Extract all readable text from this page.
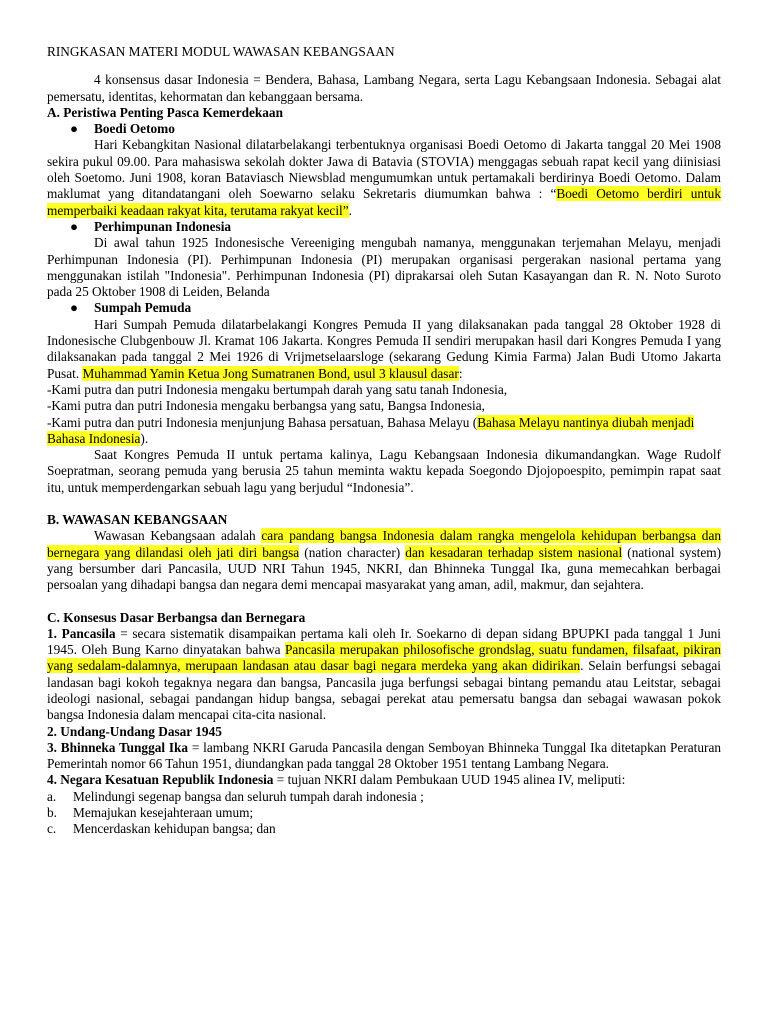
RINGKASAN MATERI MODUL WAWASAN KEBANGSAAN
4 konsensus dasar Indonesia = Bendera, Bahasa, Lambang Negara, serta Lagu Kebangsaan Indonesia. Sebagai alat pemersatu, identitas, kehormatan dan kebanggaan bersama.
A. Peristiwa Penting Pasca Kemerdekaan
●	Boedi Oetomo
Hari Kebangkitan Nasional dilatarbelakangi terbentuknya organisasi Boedi Oetomo di Jakarta tanggal 20 Mei 1908 sekira pukul 09.00. Para mahasiswa sekolah dokter Jawa di Batavia (STOVIA) menggagas sebuah rapat kecil yang diinisiasi oleh Soetomo. Juni 1908, koran Bataviasch Niewsblad mengumumkan untuk pertamakali berdirinya Boedi Oetomo. Dalam maklumat yang ditandatangani oleh Soewarno selaku Sekretaris diumumkan bahwa : “Boedi Oetomo berdiri untuk memperbaiki keadaan rakyat kita, terutama rakyat kecil”.
●	Perhimpunan Indonesia
Di awal tahun 1925 Indonesische Vereeniging mengubah namanya, menggunakan terjemahan Melayu, menjadi Perhimpunan Indonesia (PI). Perhimpunan Indonesia (PI) merupakan organisasi pergerakan nasional pertama yang menggunakan istilah "Indonesia". Perhimpunan Indonesia (PI) diprakarsai oleh Sutan Kasayangan dan R. N. Noto Suroto pada 25 Oktober 1908 di Leiden, Belanda
●	Sumpah Pemuda
Hari Sumpah Pemuda dilatarbelakangi Kongres Pemuda II yang dilaksanakan pada tanggal 28 Oktober 1928 di Indonesische Clubgenbouw Jl. Kramat 106 Jakarta. Kongres Pemuda II sendiri merupakan hasil dari Kongres Pemuda I yang dilaksanakan pada tanggal 2 Mei 1926 di Vrijmetselaarsloge (sekarang Gedung Kimia Farma) Jalan Budi Utomo Jakarta Pusat. Muhammad Yamin Ketua Jong Sumatranen Bond, usul 3 klausul dasar:
-Kami putra dan putri Indonesia mengaku bertumpah darah yang satu tanah Indonesia,
-Kami putra dan putri Indonesia mengaku berbangsa yang satu, Bangsa Indonesia,
-Kami putra dan putri Indonesia menjunjung Bahasa persatuan, Bahasa Melayu (Bahasa Melayu nantinya diubah menjadi Bahasa Indonesia).
Saat Kongres Pemuda II untuk pertama kalinya, Lagu Kebangsaan Indonesia dikumandangkan. Wage Rudolf Soepratman, seorang pemuda yang berusia 25 tahun meminta waktu kepada Soegondo Djojopoespito, pemimpin rapat saat itu, untuk memperdengarkan sebuah lagu yang berjudul “Indonesia”.
B. WAWASAN KEBANGSAAN
Wawasan Kebangsaan adalah cara pandang bangsa Indonesia dalam rangka mengelola kehidupan berbangsa dan bernegara yang dilandasi oleh jati diri bangsa (nation character) dan kesadaran terhadap sistem nasional (national system) yang bersumber dari Pancasila, UUD NRI Tahun 1945, NKRI, dan Bhinneka Tunggal Ika, guna memecahkan berbagai persoalan yang dihadapi bangsa dan negara demi mencapai masyarakat yang aman, adil, makmur, dan sejahtera.
C. Konsesus Dasar Berbangsa dan Bernegara
1. Pancasila = secara sistematik disampaikan pertama kali oleh Ir. Soekarno di depan sidang BPUPKI pada tanggal 1 Juni 1945. Oleh Bung Karno dinyatakan bahwa Pancasila merupakan philosofische grondslag, suatu fundamen, filsafaat, pikiran yang sedalam-dalamnya, merupaan landasan atau dasar bagi negara merdeka yang akan didirikan. Selain berfungsi sebagai landasan bagi kokoh tegaknya negara dan bangsa, Pancasila juga berfungsi sebagai bintang pemandu atau Leitstar, sebagai ideologi nasional, sebagai pandangan hidup bangsa, sebagai perekat atau pemersatu bangsa dan sebagai wawasan pokok bangsa Indonesia dalam mencapai cita-cita nasional.
2. Undang-Undang Dasar 1945
3. Bhinneka Tunggal Ika = lambang NKRI Garuda Pancasila dengan Semboyan Bhinneka Tunggal Ika ditetapkan Peraturan Pemerintah nomor 66 Tahun 1951, diundangkan pada tanggal 28 Oktober 1951 tentang Lambang Negara.
4. Negara Kesatuan Republik Indonesia = tujuan NKRI dalam Pembukaan UUD 1945 alinea IV, meliputi:
a.	Melindungi segenap bangsa dan seluruh tumpah darah indonesia ;
b.	Memajukan kesejahteraan umum;
c.	Mencerdaskan kehidupan bangsa; dan
